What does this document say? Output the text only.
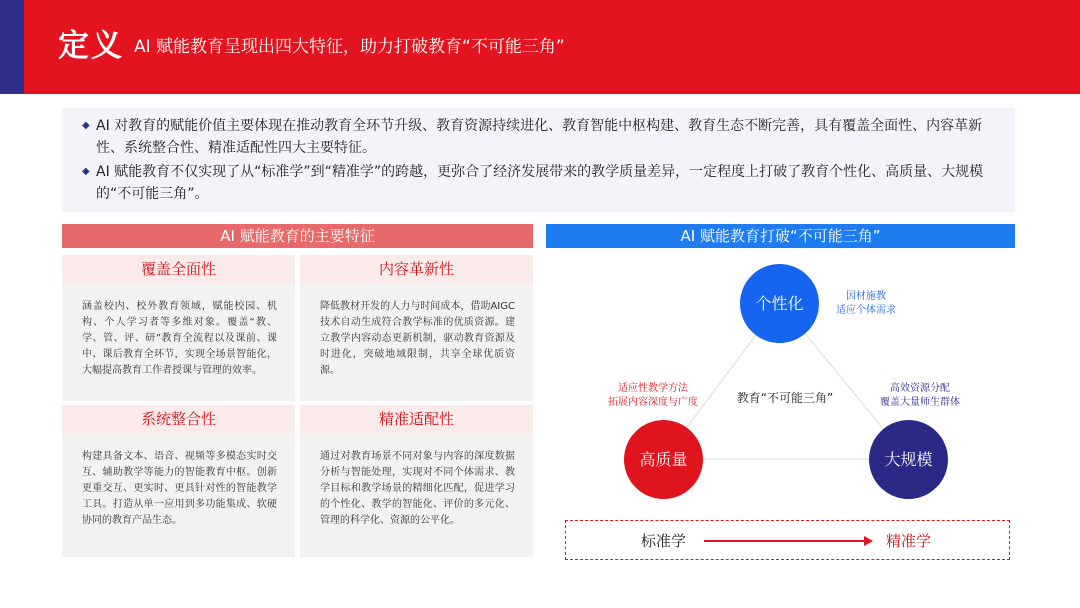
定义 AI 赋能教育呈现出四大特征，助力打破教育“不可能三角”
◆ AI 对教育的赋能价值主要体现在推动教育全环节升级、教育资源持续进化、教育智能中枢构建、教育生态不断完善，具有覆盖全面性、内容革新性、系统整合性、精准适配性四大主要特征。
◆ AI 赋能教育不仅实现了从“标准学”到“精准学”的跨越，更弥合了经济发展带来的教学质量差异，一定程度上打破了教育个性化、高质量、大规模的“不可能三角”。
AI 赋能教育的主要特征	AI 赋能教育打破“不可能三角”
覆盖全面性
涵盖校内、校外教育领域，赋能校园、机构、个人学习者等多维对象。覆盖“教、学、管、评、研”教育全流程以及课前、课中、课后教育全环节，实现全场景智能化，大幅提高教育工作者授课与管理的效率。
内容革新性
降低教材开发的人力与时间成本，借助AIGC 技术自动生成符合教学标准的优质资源。建立教学内容动态更新机制，驱动教育资源及时进化，突破地域限制，共享全球优质资源。
系统整合性
构建具备文本、语音、视频等多模态实时交互、辅助教学等能力的智能教育中枢。创新更重交互、更实时、更具针对性的智能教学工具。打造从单一应用到多功能集成、软硬协同的教育产品生态。
精准适配性
通过对教育场景不同对象与内容的深度数据分析与智能处理，实现对不同个体需求、教学目标和教学场景的精细化匹配，促进学习的个性化、教学的智能化、评价的多元化、管理的科学化、资源的公平化。
个性化
高质量	大规模
因材施教
适应个体需求
适应性教学方法
拓展内容深度与广度
高效资源分配
覆盖大量师生群体
教育“不可能三角”
标准学	精准学
